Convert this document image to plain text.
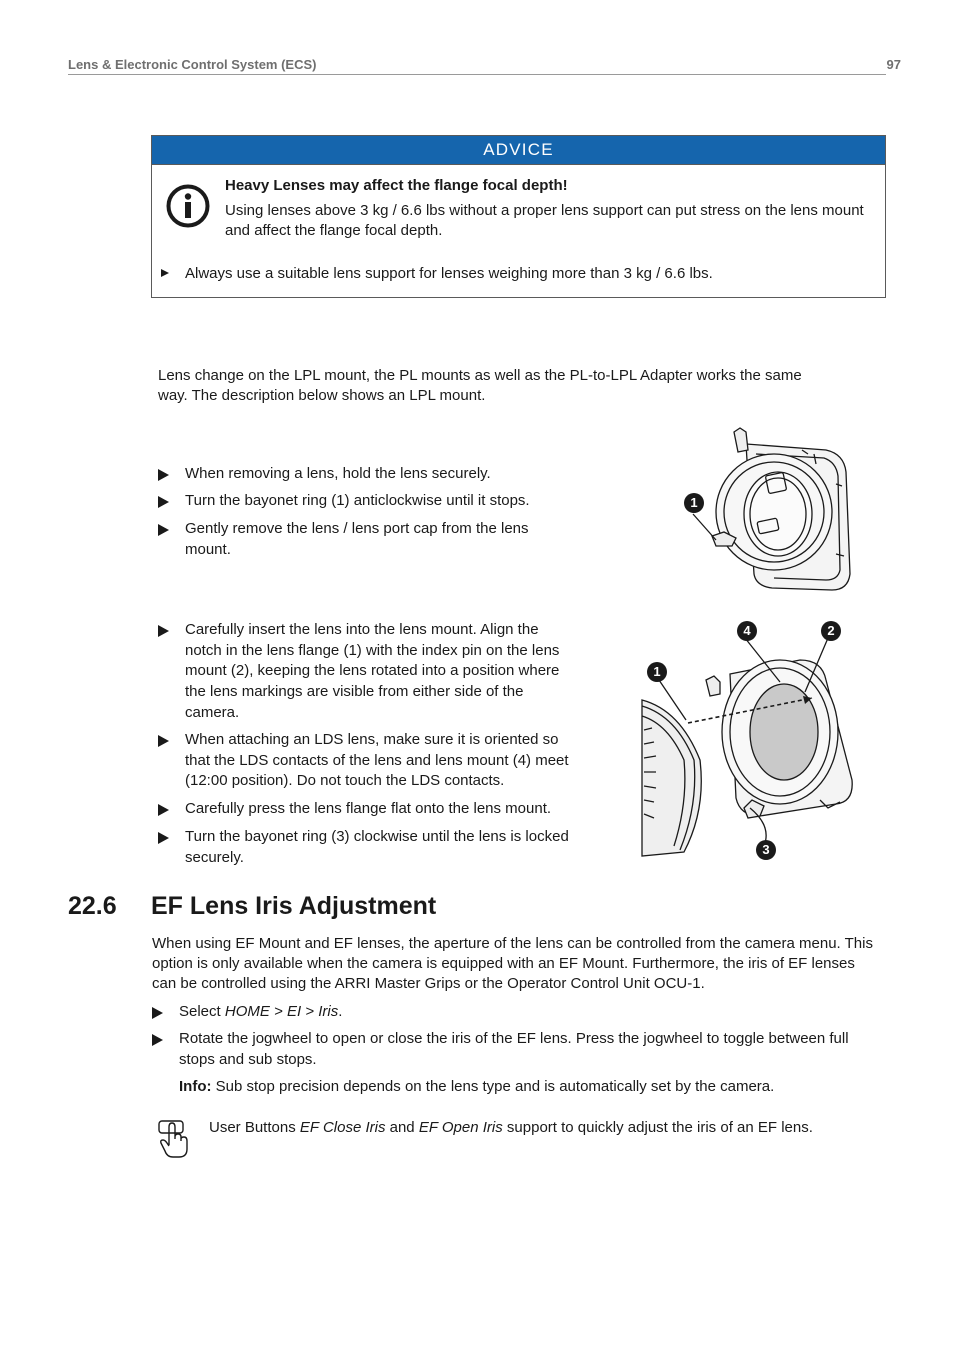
Lens & Electronic Control System (ECS)	97
ADVICE
Heavy Lenses may affect the flange focal depth!
Using lenses above 3 kg / 6.6 lbs without a proper lens support can put stress on the lens mount and affect the flange focal depth.
Always use a suitable lens support for lenses weighing more than 3 kg / 6.6 lbs.
Lens change on the LPL mount, the PL mounts as well as the PL-to-LPL Adapter works the same way. The description below shows an LPL mount.
When removing a lens, hold the lens securely.
Turn the bayonet ring (1) anticlockwise until it stops.
Gently remove the lens / lens port cap from the lens mount.
1
Carefully insert the lens into the lens mount. Align the notch in the lens flange (1) with the index pin on the lens mount (2), keeping the lens rotated into a position where the lens markings are visible from either side of the camera.
When attaching an LDS lens, make sure it is oriented so that the LDS contacts of the lens and lens mount (4) meet (12:00 position). Do not touch the LDS contacts.
Carefully press the lens flange flat onto the lens mount.
Turn the bayonet ring (3) clockwise until the lens is locked securely.
4	2
1
3
22.6 EF Lens Iris Adjustment
When using EF Mount and EF lenses, the aperture of the lens can be controlled from the camera menu. This option is only available when the camera is equipped with an EF Mount. Furthermore, the iris of EF lenses can be controlled using the ARRI Master Grips or the Operator Control Unit OCU-1.
Select HOME > EI > Iris.
Rotate the jogwheel to open or close the iris of the EF lens. Press the jogwheel to toggle between full stops and sub stops.
Info: Sub stop precision depends on the lens type and is automatically set by the camera.
User Buttons EF Close Iris and EF Open Iris support to quickly adjust the iris of an EF lens.
